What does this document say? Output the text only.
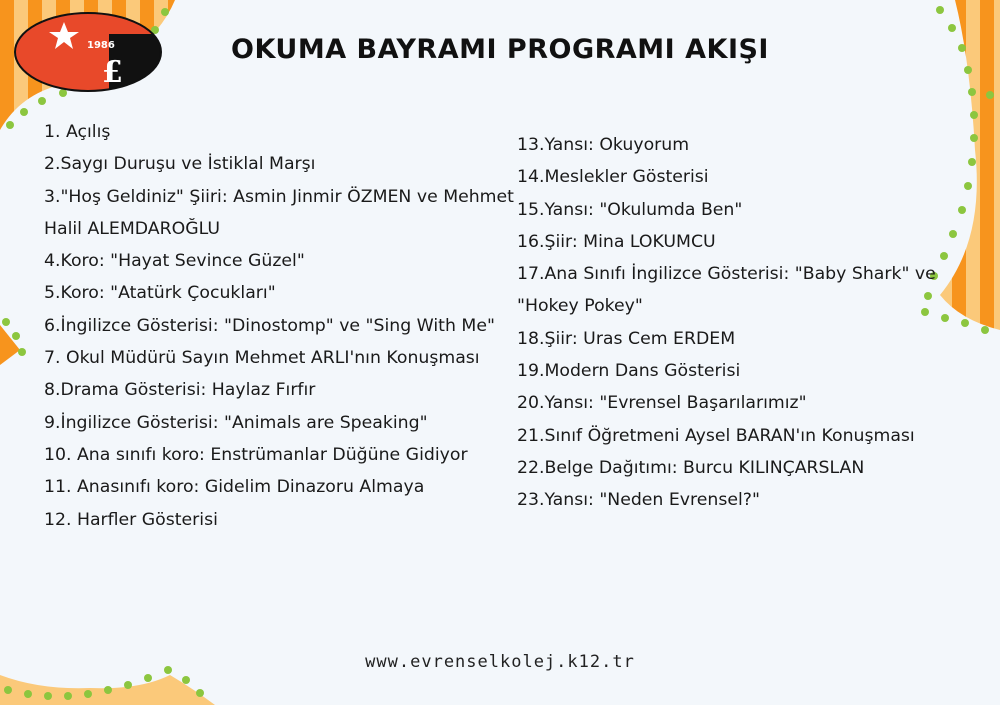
1986
£
OKUMA BAYRAMI PROGRAMI AKIŞI
1. Açılış
2.Saygı Duruşu ve İstiklal Marşı
3."Hoş Geldiniz" Şiiri: Asmin Jinmir ÖZMEN ve Mehmet Halil ALEMDAROĞLU
4.Koro: "Hayat Sevince Güzel"
5.Koro: "Atatürk Çocukları"
6.İngilizce Gösterisi: "Dinostomp" ve "Sing With Me"
7. Okul Müdürü Sayın Mehmet ARLI'nın Konuşması
8.Drama Gösterisi: Haylaz Fırfır
9.İngilizce Gösterisi: "Animals are Speaking"
10. Ana sınıfı koro: Enstrümanlar Düğüne Gidiyor
11. Anasınıfı koro: Gidelim Dinazoru Almaya
12. Harfler Gösterisi
13.Yansı: Okuyorum
14.Meslekler Gösterisi
15.Yansı: "Okulumda Ben"
16.Şiir: Mina LOKUMCU
17.Ana Sınıfı İngilizce Gösterisi: "Baby Shark" ve "Hokey Pokey"
18.Şiir: Uras Cem ERDEM
19.Modern Dans Gösterisi
20.Yansı: "Evrensel Başarılarımız"
21.Sınıf Öğretmeni Aysel BARAN'ın Konuşması
22.Belge Dağıtımı: Burcu KILINÇARSLAN
23.Yansı: "Neden Evrensel?"
www.evrenselkolej.k12.tr
